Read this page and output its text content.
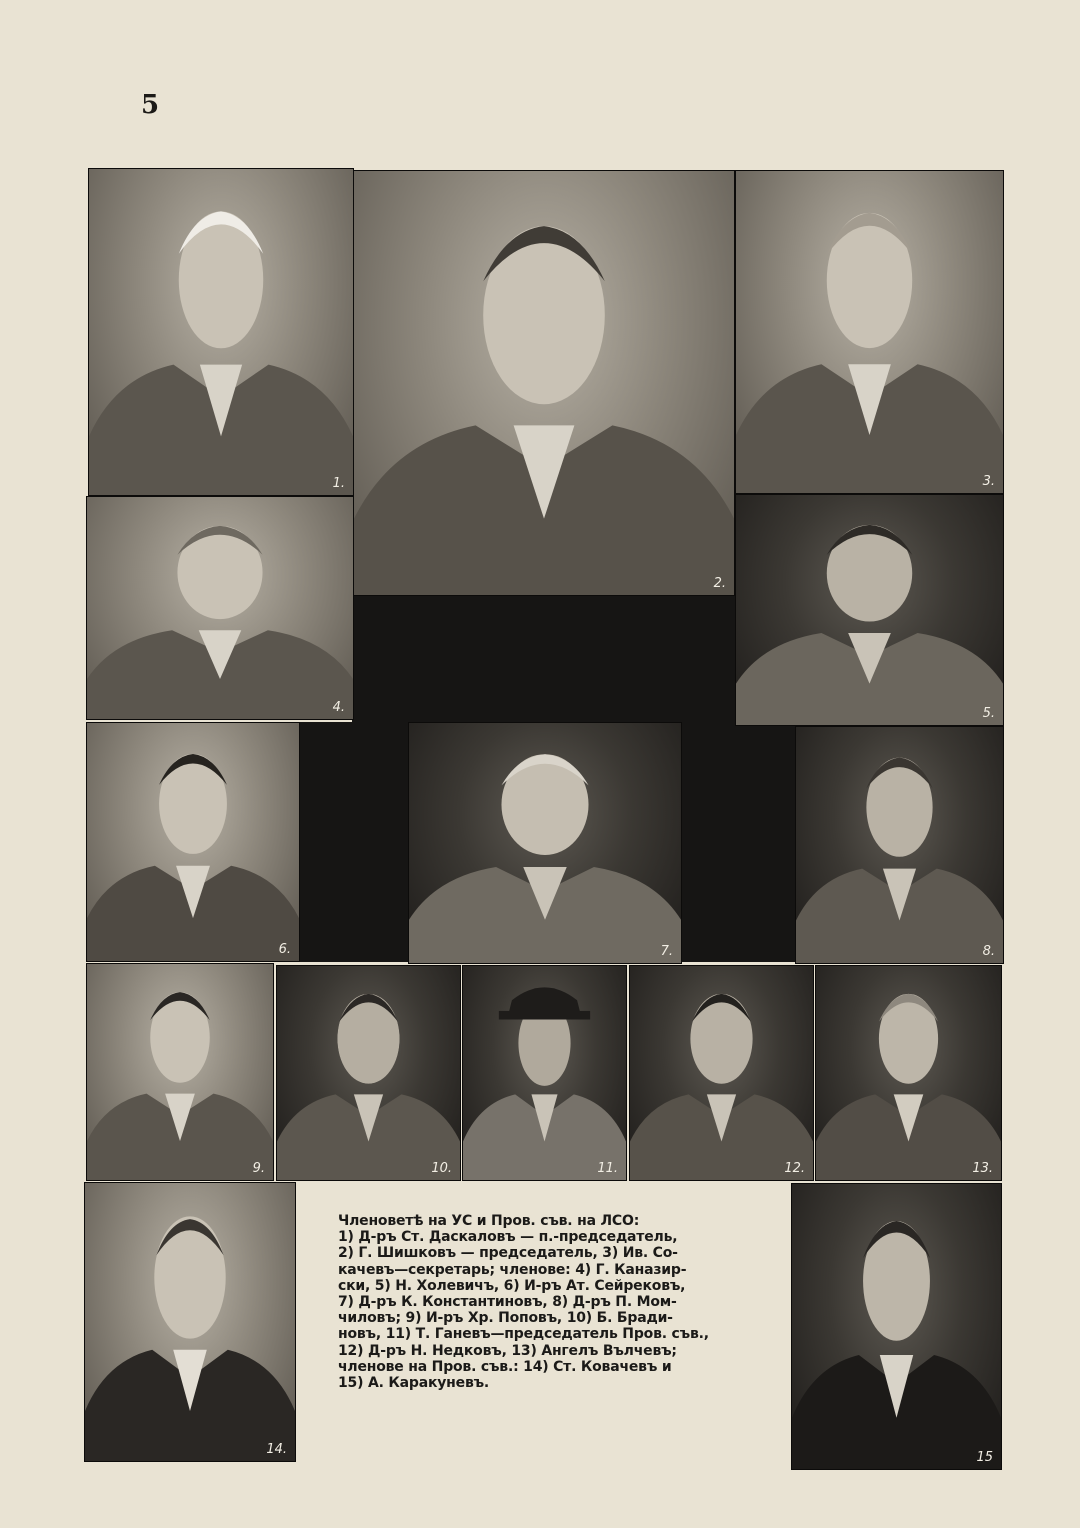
5
1.
2.
3.
4.	5.
6.	7.	8.
9.	10.	11.	12.	13.
14.
15

Членоветѣ на УС и Пров. съв. на ЛСО:

1) Д-ръ Ст. Даскаловъ — п.-председатель,

2) Г. Шишковъ — председатель, 3) Ив. Со-

качевъ—секретарь; членове: 4) Г. Каназир-

ски, 5) Н. Холевичъ, 6) И-ръ Ат. Сейрековъ,

7) Д-ръ К. Константиновъ, 8) Д-ръ П. Мом-

чиловъ; 9) И-ръ Хр. Поповъ, 10) Б. Бради-

новъ, 11) Т. Ганевъ—председатель Пров. съв.,

12) Д-ръ Н. Недковъ, 13) Ангелъ Вълчевъ;

членове на Пров. съв.: 14) Ст. Ковачевъ и

15) А. Каракуневъ.
